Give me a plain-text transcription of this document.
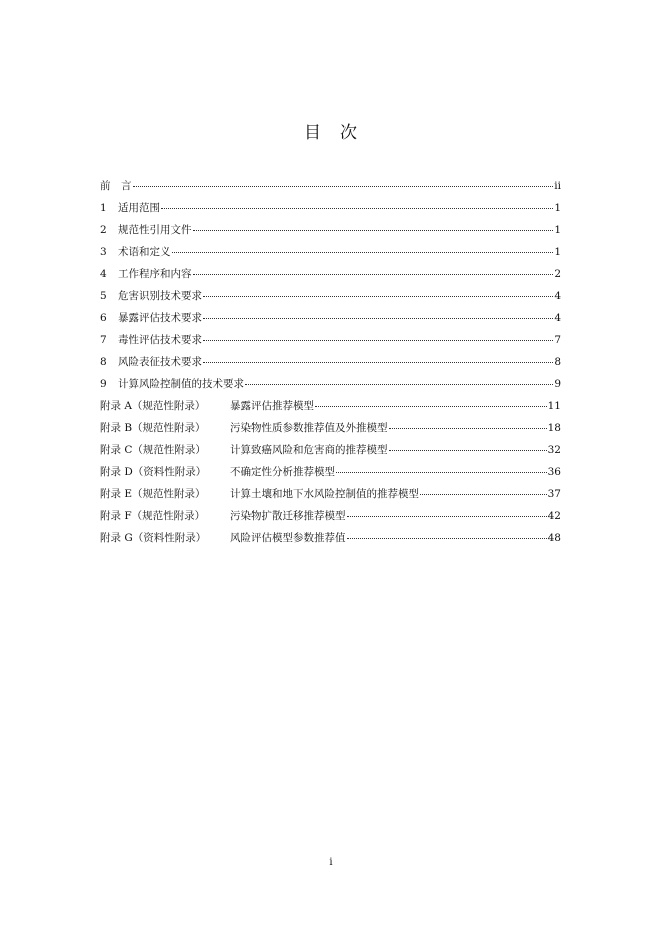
目　次
前　言	ii
1	适用范围	1
2	规范性引用文件	1
3	术语和定义	1
4	工作程序和内容	2
5	危害识别技术要求	4
6	暴露评估技术要求	4
7	毒性评估技术要求	7
8	风险表征技术要求	8
9	计算风险控制值的技术要求	9
附录 A（规范性附录）	暴露评估推荐模型	11
附录 B（规范性附录）	污染物性质参数推荐值及外推模型	18
附录 C（规范性附录）	计算致癌风险和危害商的推荐模型	32
附录 D（资料性附录）	不确定性分析推荐模型	36
附录 E（规范性附录）	计算土壤和地下水风险控制值的推荐模型	37
附录 F（规范性附录）	污染物扩散迁移推荐模型	42
附录 G（资料性附录）	风险评估模型参数推荐值	48
i
